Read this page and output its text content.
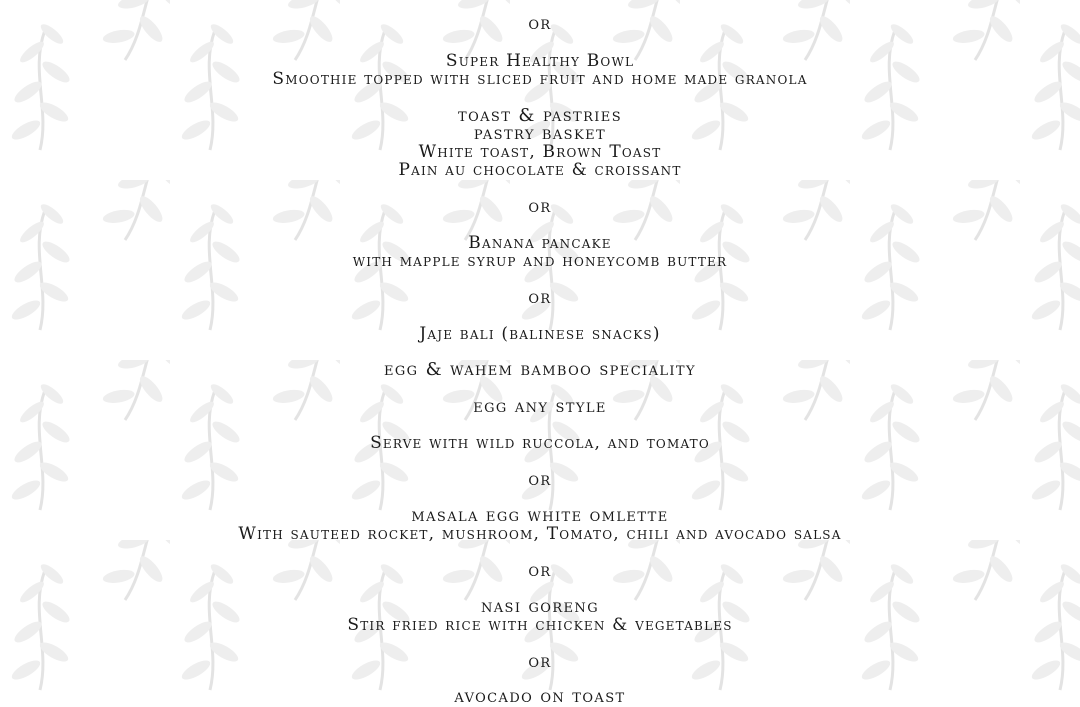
or
Super Healthy Bowl
Smoothie topped with sliced fruit and home made granola
toast & pastries
pastry basket
White toast, Brown Toast
Pain au chocolate & croissant
or
Banana pancake
with mapple syrup and honeycomb butter
or
Jaje bali (balinese snacks)
egg & wahem bamboo speciality
egg any style
Serve with wild ruccola, and tomato
or
masala egg white omlette
With sauteed rocket, mushroom, Tomato, chili and avocado salsa
or
nasi goreng
Stir fried rice with chicken & vegetables
or
avocado on toast
